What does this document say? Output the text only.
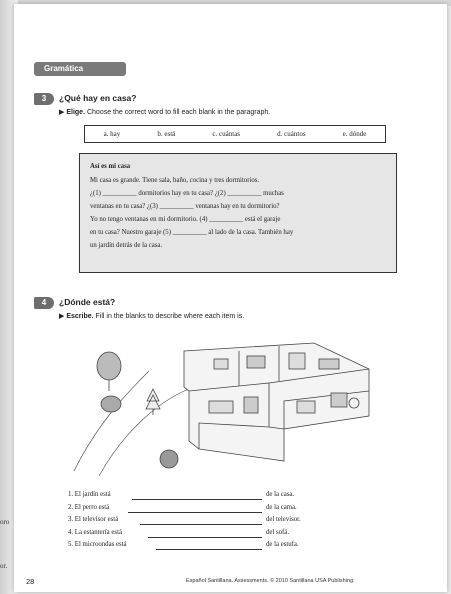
oro
or.
Gramática
3	¿Qué hay en casa?
▶ Elige. Choose the correct word to fill each blank in the paragraph.
a. hay	b. está	c. cuántas	d. cuántos	e. dónde
Así es mi casa
Mi casa es grande. Tiene sala, baño, cocina y tres dormitorios.
¿(1) __________ dormitorios hay en tu casa? ¿(2) __________ muchas
ventanas en tu casa? ¿(3) __________ ventanas hay en tu dormitorio?
Yo no tengo ventanas en mi dormitorio. (4) __________ está el garaje
en tu casa? Nuestro garaje (5) __________ al lado de la casa. También hay
un jardín detrás de la casa.
4	¿Dónde está?
▶ Escribe. Fill in the blanks to describe where each item is.
1. El jardín está	de la casa.
2. El perro está	de la cama.
3. El televisor está	del televisor.
4. La estantería está	del sofá.
5. El microondas está	de la estufa.
28	Español Santillana. Assessments. © 2010 Santillana USA Publishing.
